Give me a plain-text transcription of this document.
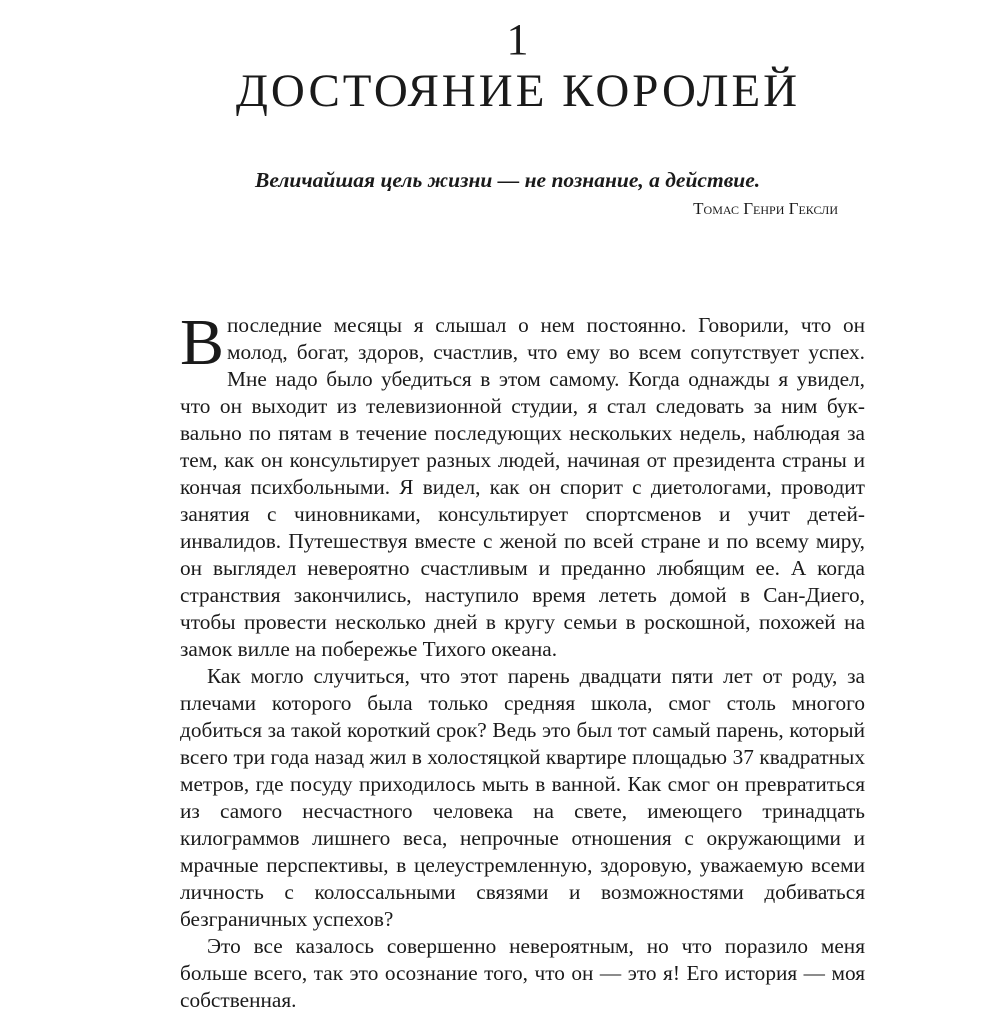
1
ДОСТОЯНИЕ КОРОЛЕЙ
Величайшая цель жизни — не познание, а действие.
Томас Генри Гексли

Впоследние месяцы я слышал о нем постоянно. Говорили, что он молод, богат, здоров, счастлив, что ему во всем сопутствует успех. Мне надо было убедиться в этом самому. Когда однажды я увидел, что он выходит из телевизионной студии, я стал следовать за ним буквально по пятам в течение последующих нескольких недель, наблюдая за тем, как он консультирует разных людей, начиная от президента страны и кончая психбольными. Я видел, как он спорит с диетологами, проводит занятия с чиновниками, консультирует спортсменов и учит детей-инвалидов. Путешествуя вместе с женой по всей стране и по всему миру, он выглядел невероятно счастливым и преданно любящим ее. А когда странствия закончились, наступило время лететь домой в Сан-Диего, чтобы провести несколько дней в кругу семьи в роскошной, похожей на замок вилле на побережье Тихого океана.

Как могло случиться, что этот парень двадцати пяти лет от роду, за плечами которого была только средняя школа, смог столь многого добиться за такой короткий срок? Ведь это был тот самый парень, который всего три года назад жил в холостяцкой квартире площадью 37 квадратных метров, где посуду приходилось мыть в ванной. Как смог он превратиться из самого несчастного человека на свете, имеющего тринадцать килограммов лишнего веса, непрочные отношения с окружающими и мрачные перспективы, в целеустремленную, здоровую, уважаемую всеми личность с колоссальными связями и возможностями добиваться безграничных успехов?

Это все казалось совершенно невероятным, но что поразило меня больше всего, так это осознание того, что он — это я! Его история — моя собственная.
